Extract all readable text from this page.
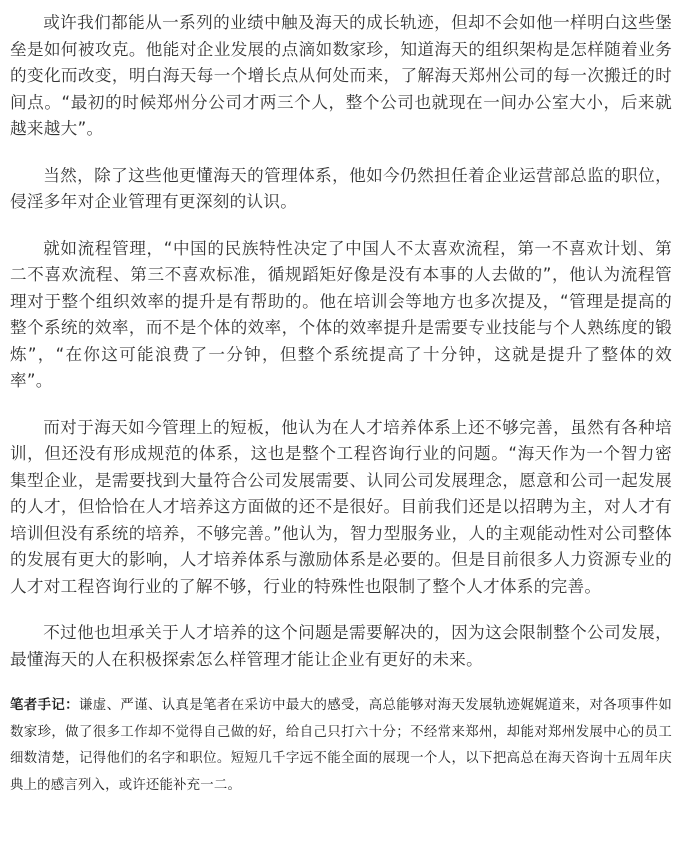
或许我们都能从一系列的业绩中触及海天的成长轨迹，但却不会如他一样明白这些堡垒是如何被攻克。他能对企业发展的点滴如数家珍，知道海天的组织架构是怎样随着业务的变化而改变，明白海天每一个增长点从何处而来，了解海天郑州公司的每一次搬迁的时间点。“最初的时候郑州分公司才两三个人，整个公司也就现在一间办公室大小，后来就越来越大”。

当然，除了这些他更懂海天的管理体系，他如今仍然担任着企业运营部总监的职位，侵淫多年对企业管理有更深刻的认识。

就如流程管理，“中国的民族特性决定了中国人不太喜欢流程，第一不喜欢计划、第二不喜欢流程、第三不喜欢标准，循规蹈矩好像是没有本事的人去做的”，他认为流程管理对于整个组织效率的提升是有帮助的。他在培训会等地方也多次提及，“管理是提高的整个系统的效率，而不是个体的效率，个体的效率提升是需要专业技能与个人熟练度的锻炼”，“在你这可能浪费了一分钟，但整个系统提高了十分钟，这就是提升了整体的效率”。

而对于海天如今管理上的短板，他认为在人才培养体系上还不够完善，虽然有各种培训，但还没有形成规范的体系，这也是整个工程咨询行业的问题。“海天作为一个智力密集型企业，是需要找到大量符合公司发展需要、认同公司发展理念，愿意和公司一起发展的人才，但恰恰在人才培养这方面做的还不是很好。目前我们还是以招聘为主，对人才有培训但没有系统的培养，不够完善。”他认为，智力型服务业，人的主观能动性对公司整体的发展有更大的影响，人才培养体系与激励体系是必要的。但是目前很多人力资源专业的人才对工程咨询行业的了解不够，行业的特殊性也限制了整个人才体系的完善。

不过他也坦承关于人才培养的这个问题是需要解决的，因为这会限制整个公司发展，最懂海天的人在积极探索怎么样管理才能让企业有更好的未来。

笔者手记：谦虚、严谨、认真是笔者在采访中最大的感受，高总能够对海天发展轨迹娓娓道来，对各项事件如数家珍，做了很多工作却不觉得自己做的好，给自己只打六十分；不经常来郑州，却能对郑州发展中心的员工细数清楚，记得他们的名字和职位。短短几千字远不能全面的展现一个人，以下把高总在海天咨询十五周年庆典上的感言列入，或许还能补充一二。
